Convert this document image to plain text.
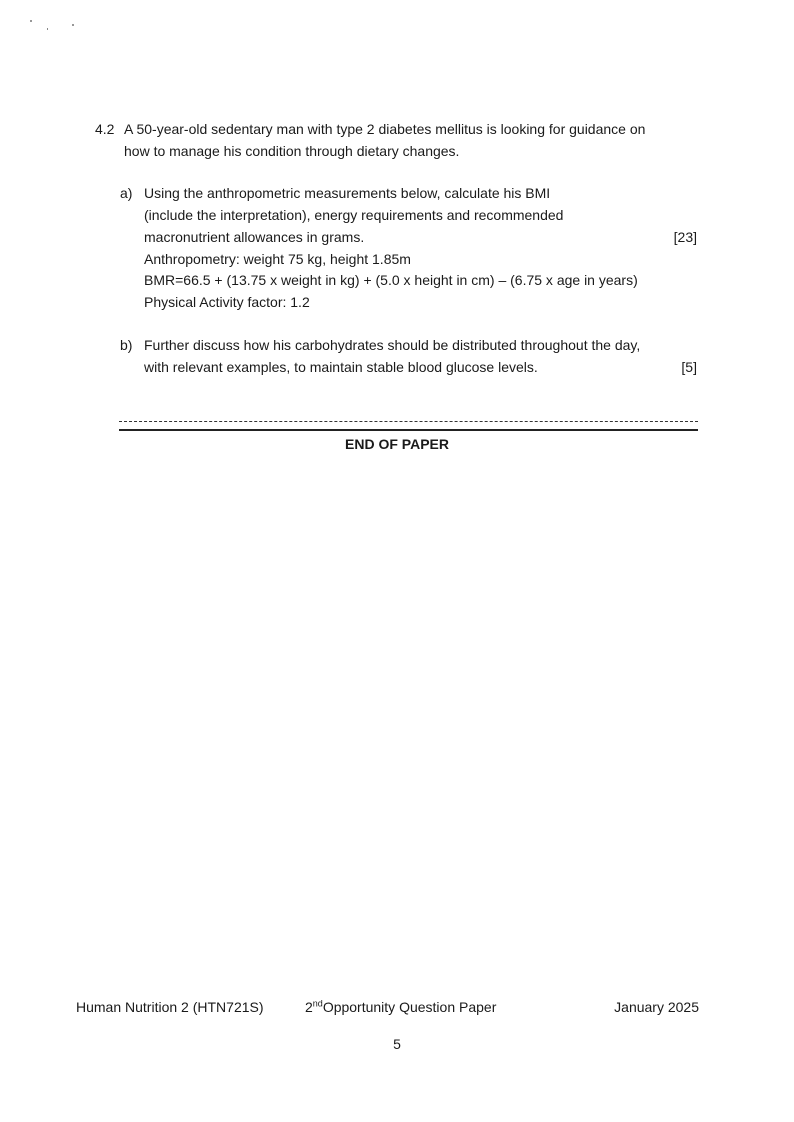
4.2 A 50-year-old sedentary man with type 2 diabetes mellitus is looking for guidance on
how to manage his condition through dietary changes.
a) Using the anthropometric measurements below, calculate his BMI
(include the interpretation), energy requirements and recommended
macronutrient allowances in grams.	[23]
Anthropometry: weight 75 kg, height 1.85m
BMR=66.5 + (13.75 x weight in kg) + (5.0 x height in cm) – (6.75 x age in years)
Physical Activity factor: 1.2
b) Further discuss how his carbohydrates should be distributed throughout the day,
with relevant examples, to maintain stable blood glucose levels.	[5]
END OF PAPER
Human Nutrition 2 (HTN721S)	2ndOpportunity Question Paper	January 2025
5
